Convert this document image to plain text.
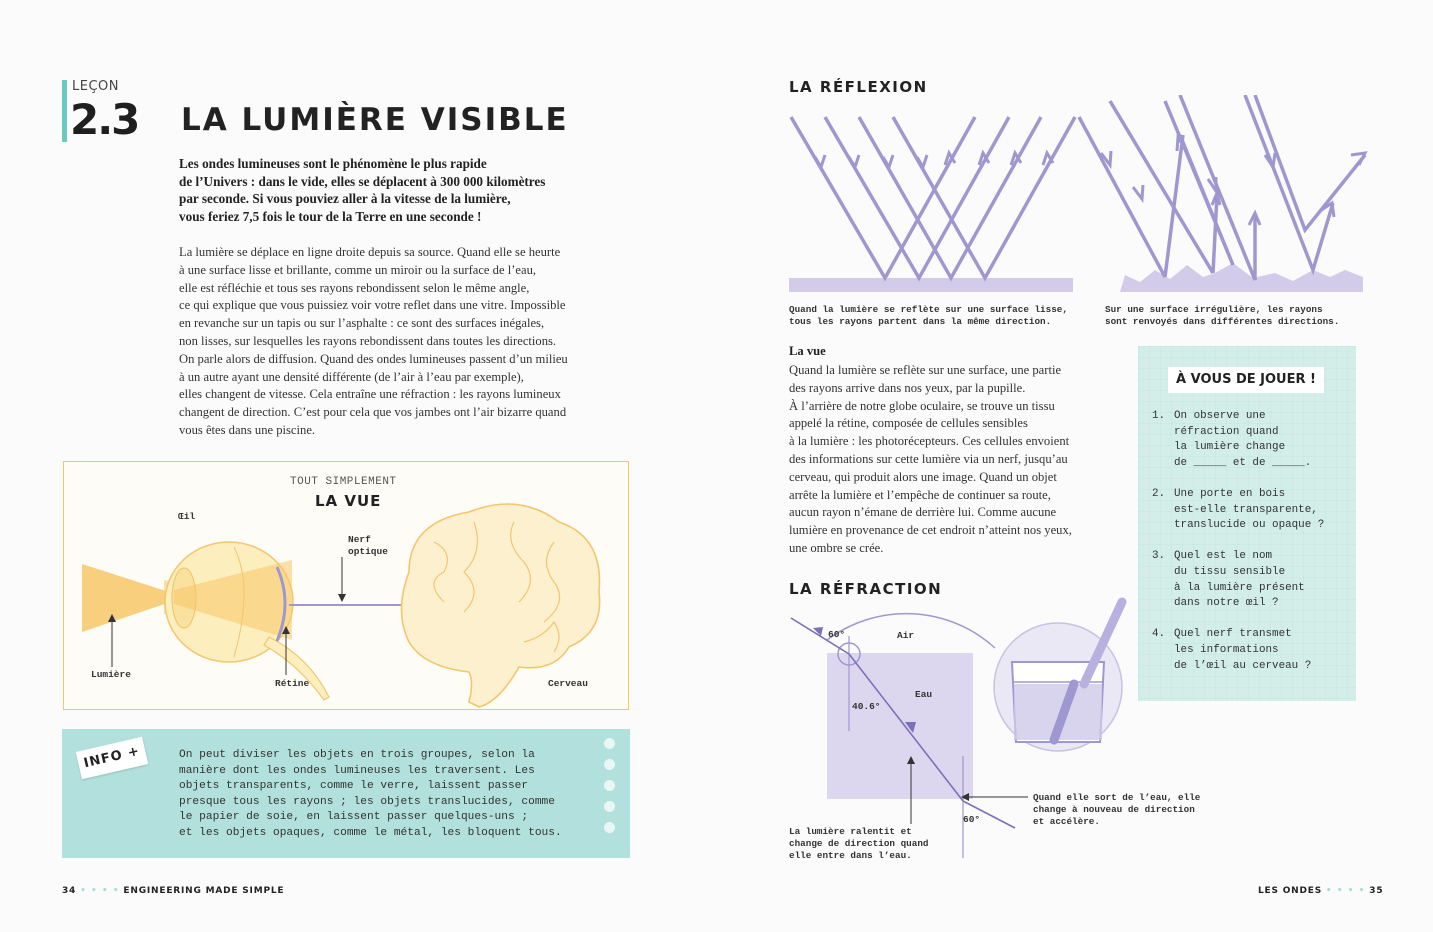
LEÇON
2.3 LA LUMIÈRE VISIBLE
Les ondes lumineuses sont le phénomène le plus rapide
de l’Univers : dans le vide, elles se déplacent à 300 000 kilomètres
par seconde. Si vous pouviez aller à la vitesse de la lumière,
vous feriez 7,5 fois le tour de la Terre en une seconde !
La lumière se déplace en ligne droite depuis sa source. Quand elle se heurte
à une surface lisse et brillante, comme un miroir ou la surface de l’eau,
elle est réfléchie et tous ses rayons rebondissent selon le même angle,
ce qui explique que vous puissiez voir votre reflet dans une vitre. Impossible
en revanche sur un tapis ou sur l’asphalte : ce sont des surfaces inégales,
non lisses, sur lesquelles les rayons rebondissent dans toutes les directions.
On parle alors de diffusion. Quand des ondes lumineuses passent d’un milieu
à un autre ayant une densité différente (de l’air à l’eau par exemple),
elles changent de vitesse. Cela entraîne une réfraction : les rayons lumineux
changent de direction. C’est pour cela que vos jambes ont l’air bizarre quand
vous êtes dans une piscine.
TOUT SIMPLEMENT
LA VUE
Œil
Nerf
optique
Lumière
Rétine	Cerveau
INFO +	On peut diviser les objets en trois groupes, selon la
manière dont les ondes lumineuses les traversent. Les
objets transparents, comme le verre, laissent passer
presque tous les rayons ; les objets translucides, comme
le papier de soie, en laissent passer quelques-uns ;
et les objets opaques, comme le métal, les bloquent tous.
34 • • • • ENGINEERING MADE SIMPLE
LA RÉFLEXION
Quand la lumière se reflète sur une surface lisse,
tous les rayons partent dans la même direction.
Sur une surface irrégulière, les rayons
sont renvoyés dans différentes directions.
La vue
Quand la lumière se reflète sur une surface, une partie
des rayons arrive dans nos yeux, par la pupille.
À l’arrière de notre globe oculaire, se trouve un tissu
appelé la rétine, composée de cellules sensibles
à la lumière : les photorécepteurs. Ces cellules envoient
des informations sur cette lumière via un nerf, jusqu’au
cerveau, qui produit alors une image. Quand un objet
arrête la lumière et l’empêche de continuer sa route,
aucun rayon n’émane de derrière lui. Comme aucune
lumière en provenance de cet endroit n’atteint nos yeux,
une ombre se crée.
À VOUS DE JOUER !
1. On observe une
réfraction quand
la lumière change
de _____ et de _____.
2. Une porte en bois
est-elle transparente,
translucide ou opaque ?
3. Quel est le nom
du tissu sensible
à la lumière présent
dans notre œil ?
4. Quel nerf transmet
les informations
de l’œil au cerveau ?
LA RÉFRACTION
60°	Air
Eau
40.6°
60°
La lumière ralentit et
change de direction quand
elle entre dans l’eau.
Quand elle sort de l’eau, elle
change à nouveau de direction
et accélère.
LES ONDES • • • • 35
